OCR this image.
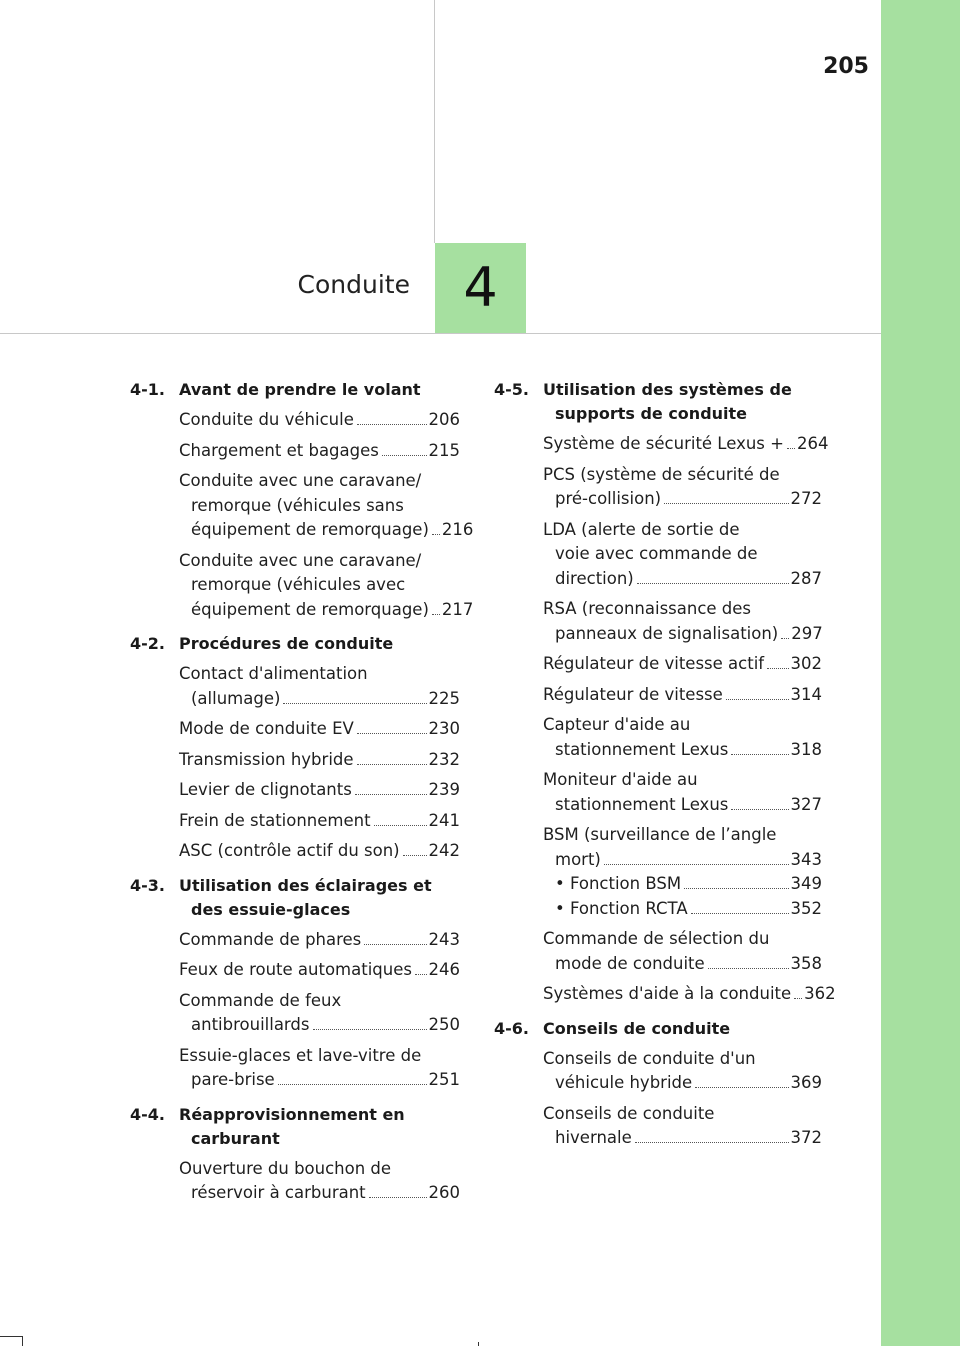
205
Conduite 4
4-1. Avant de prendre le volant
Conduite du véhicule	206
Chargement et bagages	215
Conduite avec une caravane/
remorque (véhicules sans
équipement de remorquage) 216
Conduite avec une caravane/
remorque (véhicules avec
équipement de remorquage) 217
4-2. Procédures de conduite
Contact d'alimentation
(allumage)	225
Mode de conduite EV	230
Transmission hybride	232
Levier de clignotants	239
Frein de stationnement	241
ASC (contrôle actif du son) 242
4-3. Utilisation des éclairages et
des essuie-glaces
Commande de phares	243
Feux de route automatiques 246
Commande de feux
antibrouillards	250
Essuie-glaces et lave-vitre de
pare-brise	251
4-4. Réapprovisionnement en
carburant
Ouverture du bouchon de
réservoir à carburant	260
4-5. Utilisation des systèmes de
supports de conduite
Système de sécurité Lexus + 264
PCS (système de sécurité de
pré-collision)	272
LDA (alerte de sortie de
voie avec commande de
direction)	287
RSA (reconnaissance des
panneaux de signalisation) 297
Régulateur de vitesse actif 302
Régulateur de vitesse	314
Capteur d'aide au
stationnement Lexus	318
Moniteur d'aide au
stationnement Lexus	327
BSM (surveillance de l’angle
mort)	343
• Fonction BSM	349
• Fonction RCTA	352
Commande de sélection du
mode de conduite	358
Systèmes d'aide à la conduite 362
4-6. Conseils de conduite
Conseils de conduite d'un
véhicule hybride	369
Conseils de conduite
hivernale	372
